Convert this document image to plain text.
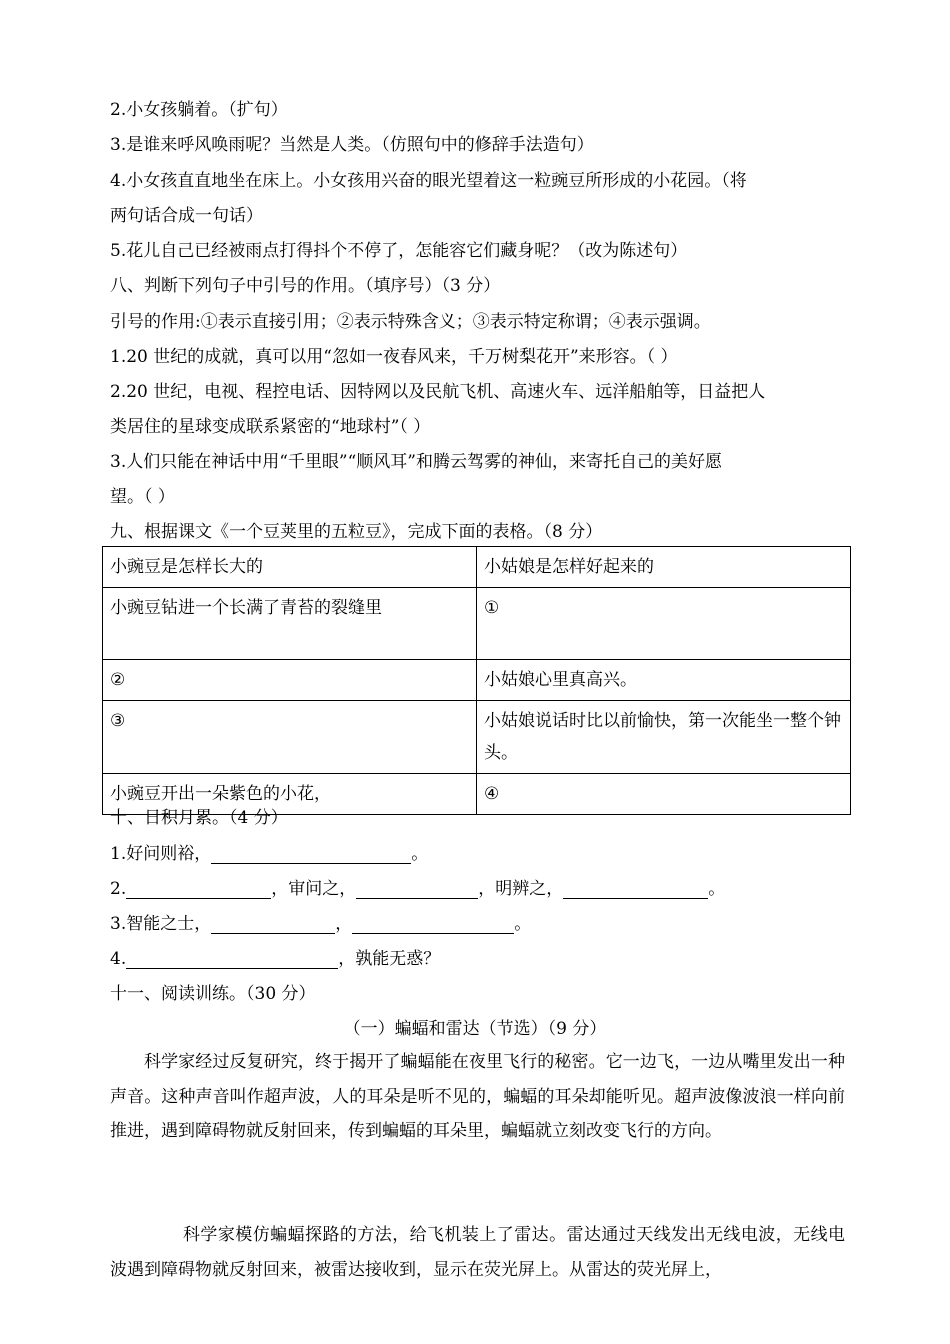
2.小女孩躺着。（扩句）
3.是谁来呼风唤雨呢？当然是人类。（仿照句中的修辞手法造句）
4.小女孩直直地坐在床上。小女孩用兴奋的眼光望着这一粒豌豆所形成的小花园。（将
两句话合成一句话）
5.花儿自己已经被雨点打得抖个不停了，怎能容它们藏身呢？（改为陈述句）
八、判断下列句子中引号的作用。（填序号）（3 分）
引号的作用:①表示直接引用；②表示特殊含义；③表示特定称谓；④表示强调。
1.20 世纪的成就，真可以用“忽如一夜春风来，千万树梨花开”来形容。（ ）
2.20 世纪，电视、程控电话、因特网以及民航飞机、高速火车、远洋船舶等，日益把人
类居住的星球变成联系紧密的“地球村”（ ）
3.人们只能在神话中用“千里眼”“顺风耳”和腾云驾雾的神仙，来寄托自己的美好愿
望。（ ）
九、根据课文《一个豆荚里的五粒豆》，完成下面的表格。（8 分）
小豌豆是怎样长大的	小姑娘是怎样好起来的
小豌豆钻进一个长满了青苔的裂缝里	①
②	小姑娘心里真高兴。
③	小姑娘说话时比以前愉快，第一次能坐一整个钟头。
小豌豆开出一朵紫色的小花，	④
十、日积月累。（4 分）
1.好问则裕，	。
2.	，审问之，	，明辨之，	。
3.智能之士，	，	。
4.	，孰能无惑？
十一、阅读训练。（30 分）
（一）蝙蝠和雷达（节选）（9 分）
科学家经过反复研究，终于揭开了蝙蝠能在夜里飞行的秘密。它一边飞，一边从嘴里发出一种声音。这种声音叫作超声波，人的耳朵是听不见的，蝙蝠的耳朵却能听见。超声波像波浪一样向前推进，遇到障碍物就反射回来，传到蝙蝠的耳朵里，蝙蝠就立刻改变飞行的方向。
科学家模仿蝙蝠探路的方法，给飞机装上了雷达。雷达通过天线发出无线电波，无线电波遇到障碍物就反射回来，被雷达接收到，显示在荧光屏上。从雷达的荧光屏上，
